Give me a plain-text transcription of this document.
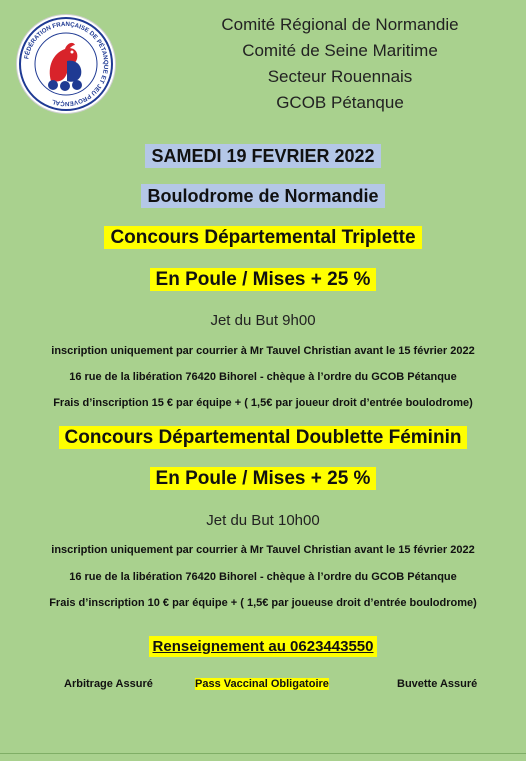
FÉDÉRATION FRANÇAISE DE PÉTANQUE ET JEU PROVENÇAL
Comité Régional de Normandie
Comité de Seine Maritime
Secteur Rouennais
GCOB Pétanque
SAMEDI 19 FEVRIER 2022
Boulodrome de Normandie
Concours Départemental Triplette
En Poule / Mises + 25 %
Jet du But 9h00
inscription uniquement par courrier à Mr Tauvel Christian avant le 15 février 2022
16 rue de la libération 76420 Bihorel - chèque à l’ordre du GCOB Pétanque
Frais d’inscription 15 € par équipe + ( 1,5€ par joueur droit d’entrée boulodrome)
Concours Départemental Doublette Féminin
En Poule / Mises + 25 %
Jet du But 10h00
inscription uniquement par courrier à Mr Tauvel Christian avant le 15 février 2022
16 rue de la libération 76420 Bihorel - chèque à l’ordre du GCOB Pétanque
Frais d’inscription 10 € par équipe + ( 1,5€ par joueuse droit d’entrée boulodrome)
Renseignement au 0623443550
Arbitrage Assuré	Pass Vaccinal Obligatoire	Buvette Assuré
